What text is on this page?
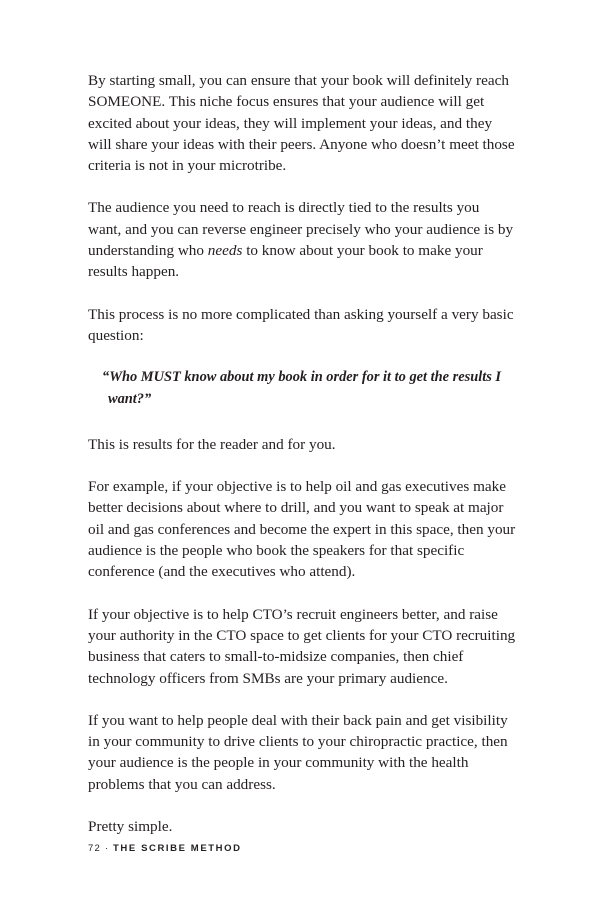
By starting small, you can ensure that your book will definitely reach SOMEONE. This niche focus ensures that your audience will get excited about your ideas, they will implement your ideas, and they will share your ideas with their peers. Anyone who doesn’t meet those criteria is not in your microtribe.

The audience you need to reach is directly tied to the results you want, and you can reverse engineer precisely who your audience is by understanding who needs to know about your book to make your results happen.

This process is no more complicated than asking yourself a very basic question:

“Who MUST know about my book in order for it to get the results I want?”

This is results for the reader and for you.

For example, if your objective is to help oil and gas executives make better decisions about where to drill, and you want to speak at major oil and gas conferences and become the expert in this space, then your audience is the people who book the speakers for that specific conference (and the executives who attend).

If your objective is to help CTO’s recruit engineers better, and raise your authority in the CTO space to get clients for your CTO recruiting business that caters to small-to-midsize companies, then chief technology officers from SMBs are your primary audience.

If you want to help people deal with their back pain and get visibility in your community to drive clients to your chiropractic practice, then your audience is the people in your community with the health problems that you can address.

Pretty simple.

72 · THE SCRIBE METHOD
